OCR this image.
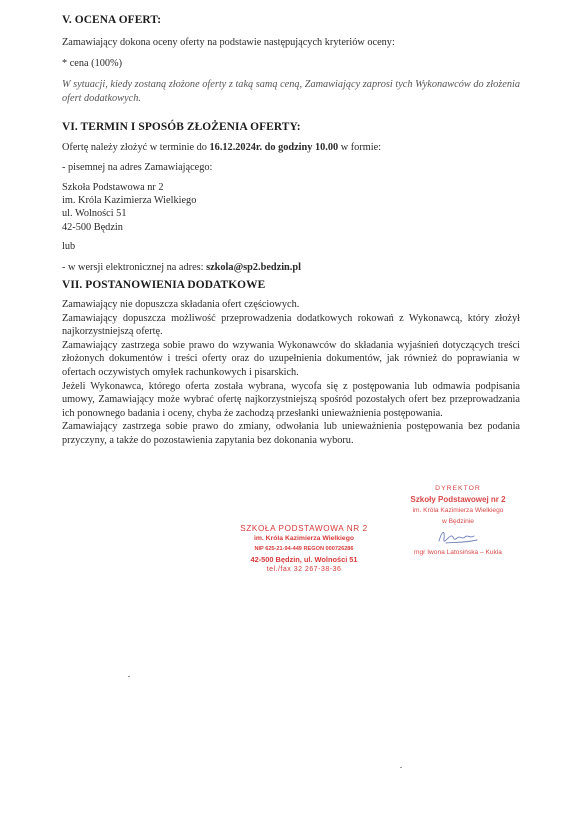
V. OCENA OFERT:

Zamawiający dokona oceny oferty na podstawie następujących kryteriów oceny:

* cena (100%)

W sytuacji, kiedy zostaną złożone oferty z taką samą ceną, Zamawiający zaprosi tych Wykonawców do złożenia ofert dodatkowych.

VI. TERMIN I SPOSÓB ZŁOŻENIA OFERTY:

Ofertę należy złożyć w terminie do 16.12.2024r. do godziny 10.00 w formie:

- pisemnej na adres Zamawiającego:

Szkoła Podstawowa nr 2

im. Króla Kazimierza Wielkiego

ul. Wolności 51

42-500 Będzin

lub

- w wersji elektronicznej na adres: szkola@sp2.bedzin.pl

VII. POSTANOWIENIA DODATKOWE

Zamawiający nie dopuszcza składania ofert częściowych.

Zamawiający dopuszcza możliwość przeprowadzenia dodatkowych rokowań z Wykonawcą, który złożył najkorzystniejszą ofertę.

Zamawiający zastrzega sobie prawo do wzywania Wykonawców do składania wyjaśnień dotyczących treści złożonych dokumentów i treści oferty oraz do uzupełnienia dokumentów, jak również do poprawiania w ofertach oczywistych omyłek rachunkowych i pisarskich.

Jeżeli Wykonawca, którego oferta została wybrana, wycofa się z postępowania lub odmawia podpisania umowy, Zamawiający może wybrać ofertę najkorzystniejszą spośród pozostałych ofert bez przeprowadzania ich ponownego badania i oceny, chyba że zachodzą przesłanki unieważnienia postępowania.

Zamawiający zastrzega sobie prawo do zmiany, odwołania lub unieważnienia postępowania bez podania przyczyny, a także do pozostawienia zapytania bez dokonania wyboru.

SZKOŁA PODSTAWOWA NR 2
im. Króla Kazimierza Wielkiego
NIP 625-21-94-449 REGON 000726286
42-500 Będzin, ul. Wolności 51
tel./fax 32 267-38-36
DYREKTOR
Szkoły Podstawowej nr 2
im. Króla Kazimierza Wielkiego
w Będzinie
mgr Iwona Latosińska – Kukla
